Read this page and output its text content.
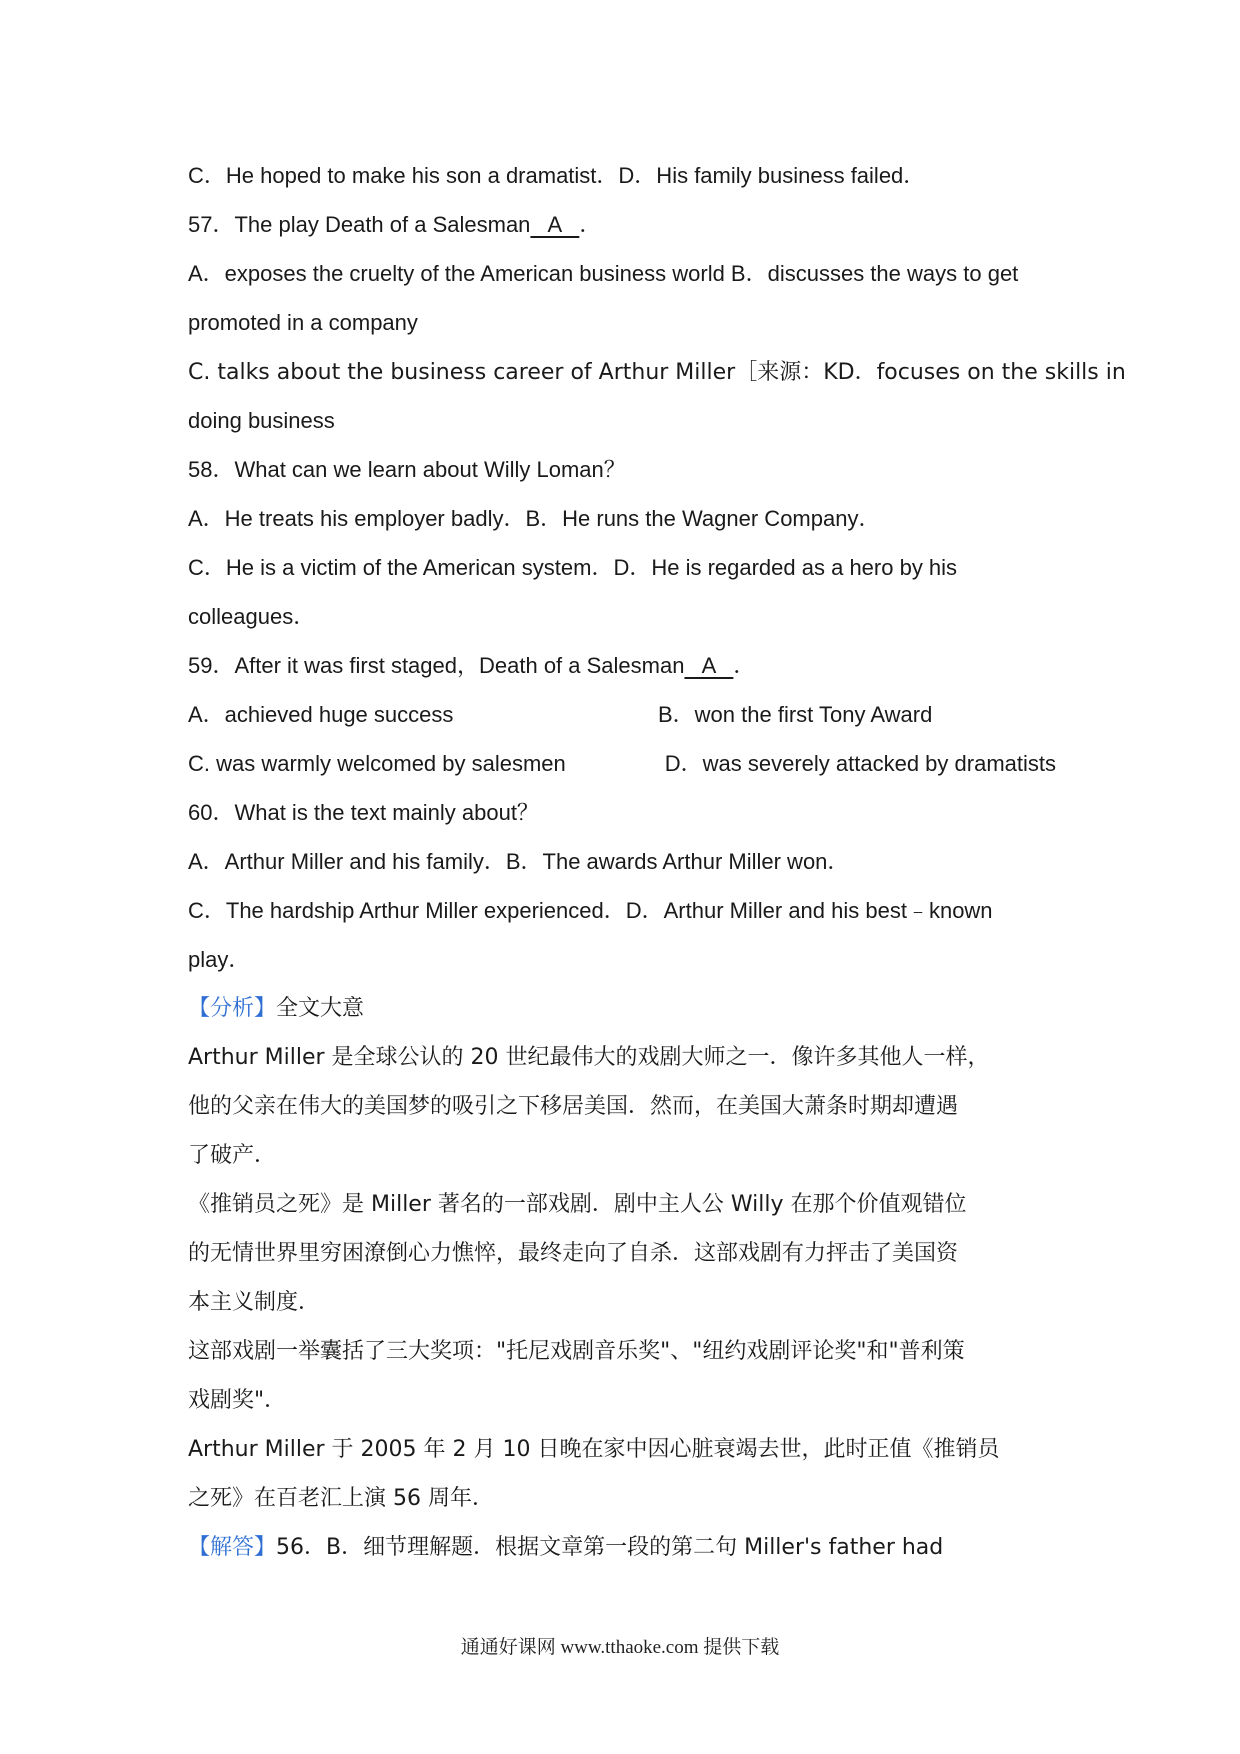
C．He hoped to make his son a dramatist．D．His family business failed．
57．The play Death of a Salesman   A   ．
A．exposes the cruelty of the American business world B．discusses the ways to get
promoted in a company
C. talks about the business career of Arthur Miller［来源：KD．focuses on the skills in
doing business
58．What can we learn about Willy Loman？
A．He treats his employer badly．B．He runs the Wagner Company．
C．He is a victim of the American system．D．He is regarded as a hero by his
colleagues．
59．After it was first staged，Death of a Salesman   A   ．
A．achieved huge success	B．won the first Tony Award
C. was warmly welcomed by salesmen	D．was severely attacked by dramatists
60．What is the text mainly about？
A．Arthur Miller and his family．B．The awards Arthur Miller won．
C．The hardship Arthur Miller experienced．D．Arthur Miller and his best﹣known
play．
【分析】全文大意
Arthur Miller 是全球公认的 20 世纪最伟大的戏剧大师之一．像许多其他人一样，
他的父亲在伟大的美国梦的吸引之下移居美国．然而，在美国大萧条时期却遭遇
了破产．
《推销员之死》是 Miller 著名的一部戏剧．剧中主人公 Willy 在那个价值观错位
的无情世界里穷困潦倒心力憔悴，最终走向了自杀．这部戏剧有力抨击了美国资
本主义制度．
这部戏剧一举囊括了三大奖项："托尼戏剧音乐奖"、"纽约戏剧评论奖"和"普利策
戏剧奖"．
Arthur Miller 于 2005 年 2 月 10 日晚在家中因心脏衰竭去世，此时正值《推销员
之死》在百老汇上演 56 周年．
【解答】56．B．细节理解题．根据文章第一段的第二句 Miller's father had
通通好课网 www.tthaoke.com 提供下载
